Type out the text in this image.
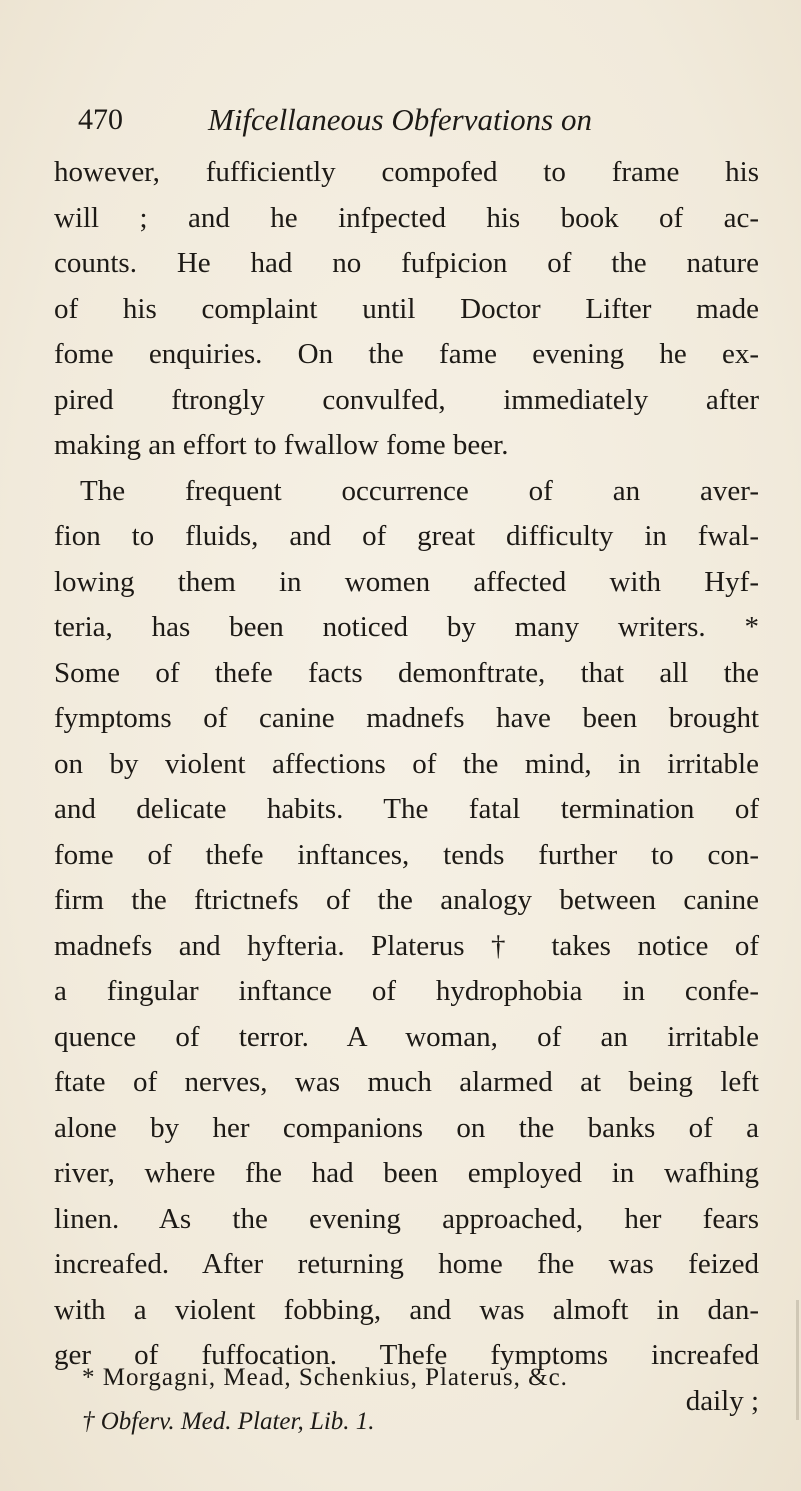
470	Mifcellaneous Obfervations on
however, fufficiently compofed to frame his
will ; and he infpected his book of ac-
counts. He had no fufpicion of the nature
of his complaint until Doctor Lifter made
fome enquiries. On the fame evening he ex-
pired ftrongly convulfed, immediately after
making an effort to fwallow fome beer.
The frequent occurrence of an aver-
fion to fluids, and of great difficulty in fwal-
lowing them in women affected with Hyf-
teria, has been noticed by many writers. *
Some of thefe facts demonftrate, that all the
fymptoms of canine madnefs have been brought
on by violent affections of the mind, in irritable
and delicate habits. The fatal termination of
fome of thefe inftances, tends further to con-
firm the ftrictnefs of the analogy between canine
madnefs and hyfteria. Platerus † takes notice of
a fingular inftance of hydrophobia in confe-
quence of terror. A woman, of an irritable
ftate of nerves, was much alarmed at being left
alone by her companions on the banks of a
river, where fhe had been employed in wafhing
linen. As the evening approached, her fears
increafed. After returning home fhe was feized
with a violent fobbing, and was almoft in dan-
ger of fuffocation. Thefe fymptoms increafed
daily ;
* Morgagni, Mead, Schenkius, Platerus, &c.
† Obferv. Med. Plater, Lib. 1.
